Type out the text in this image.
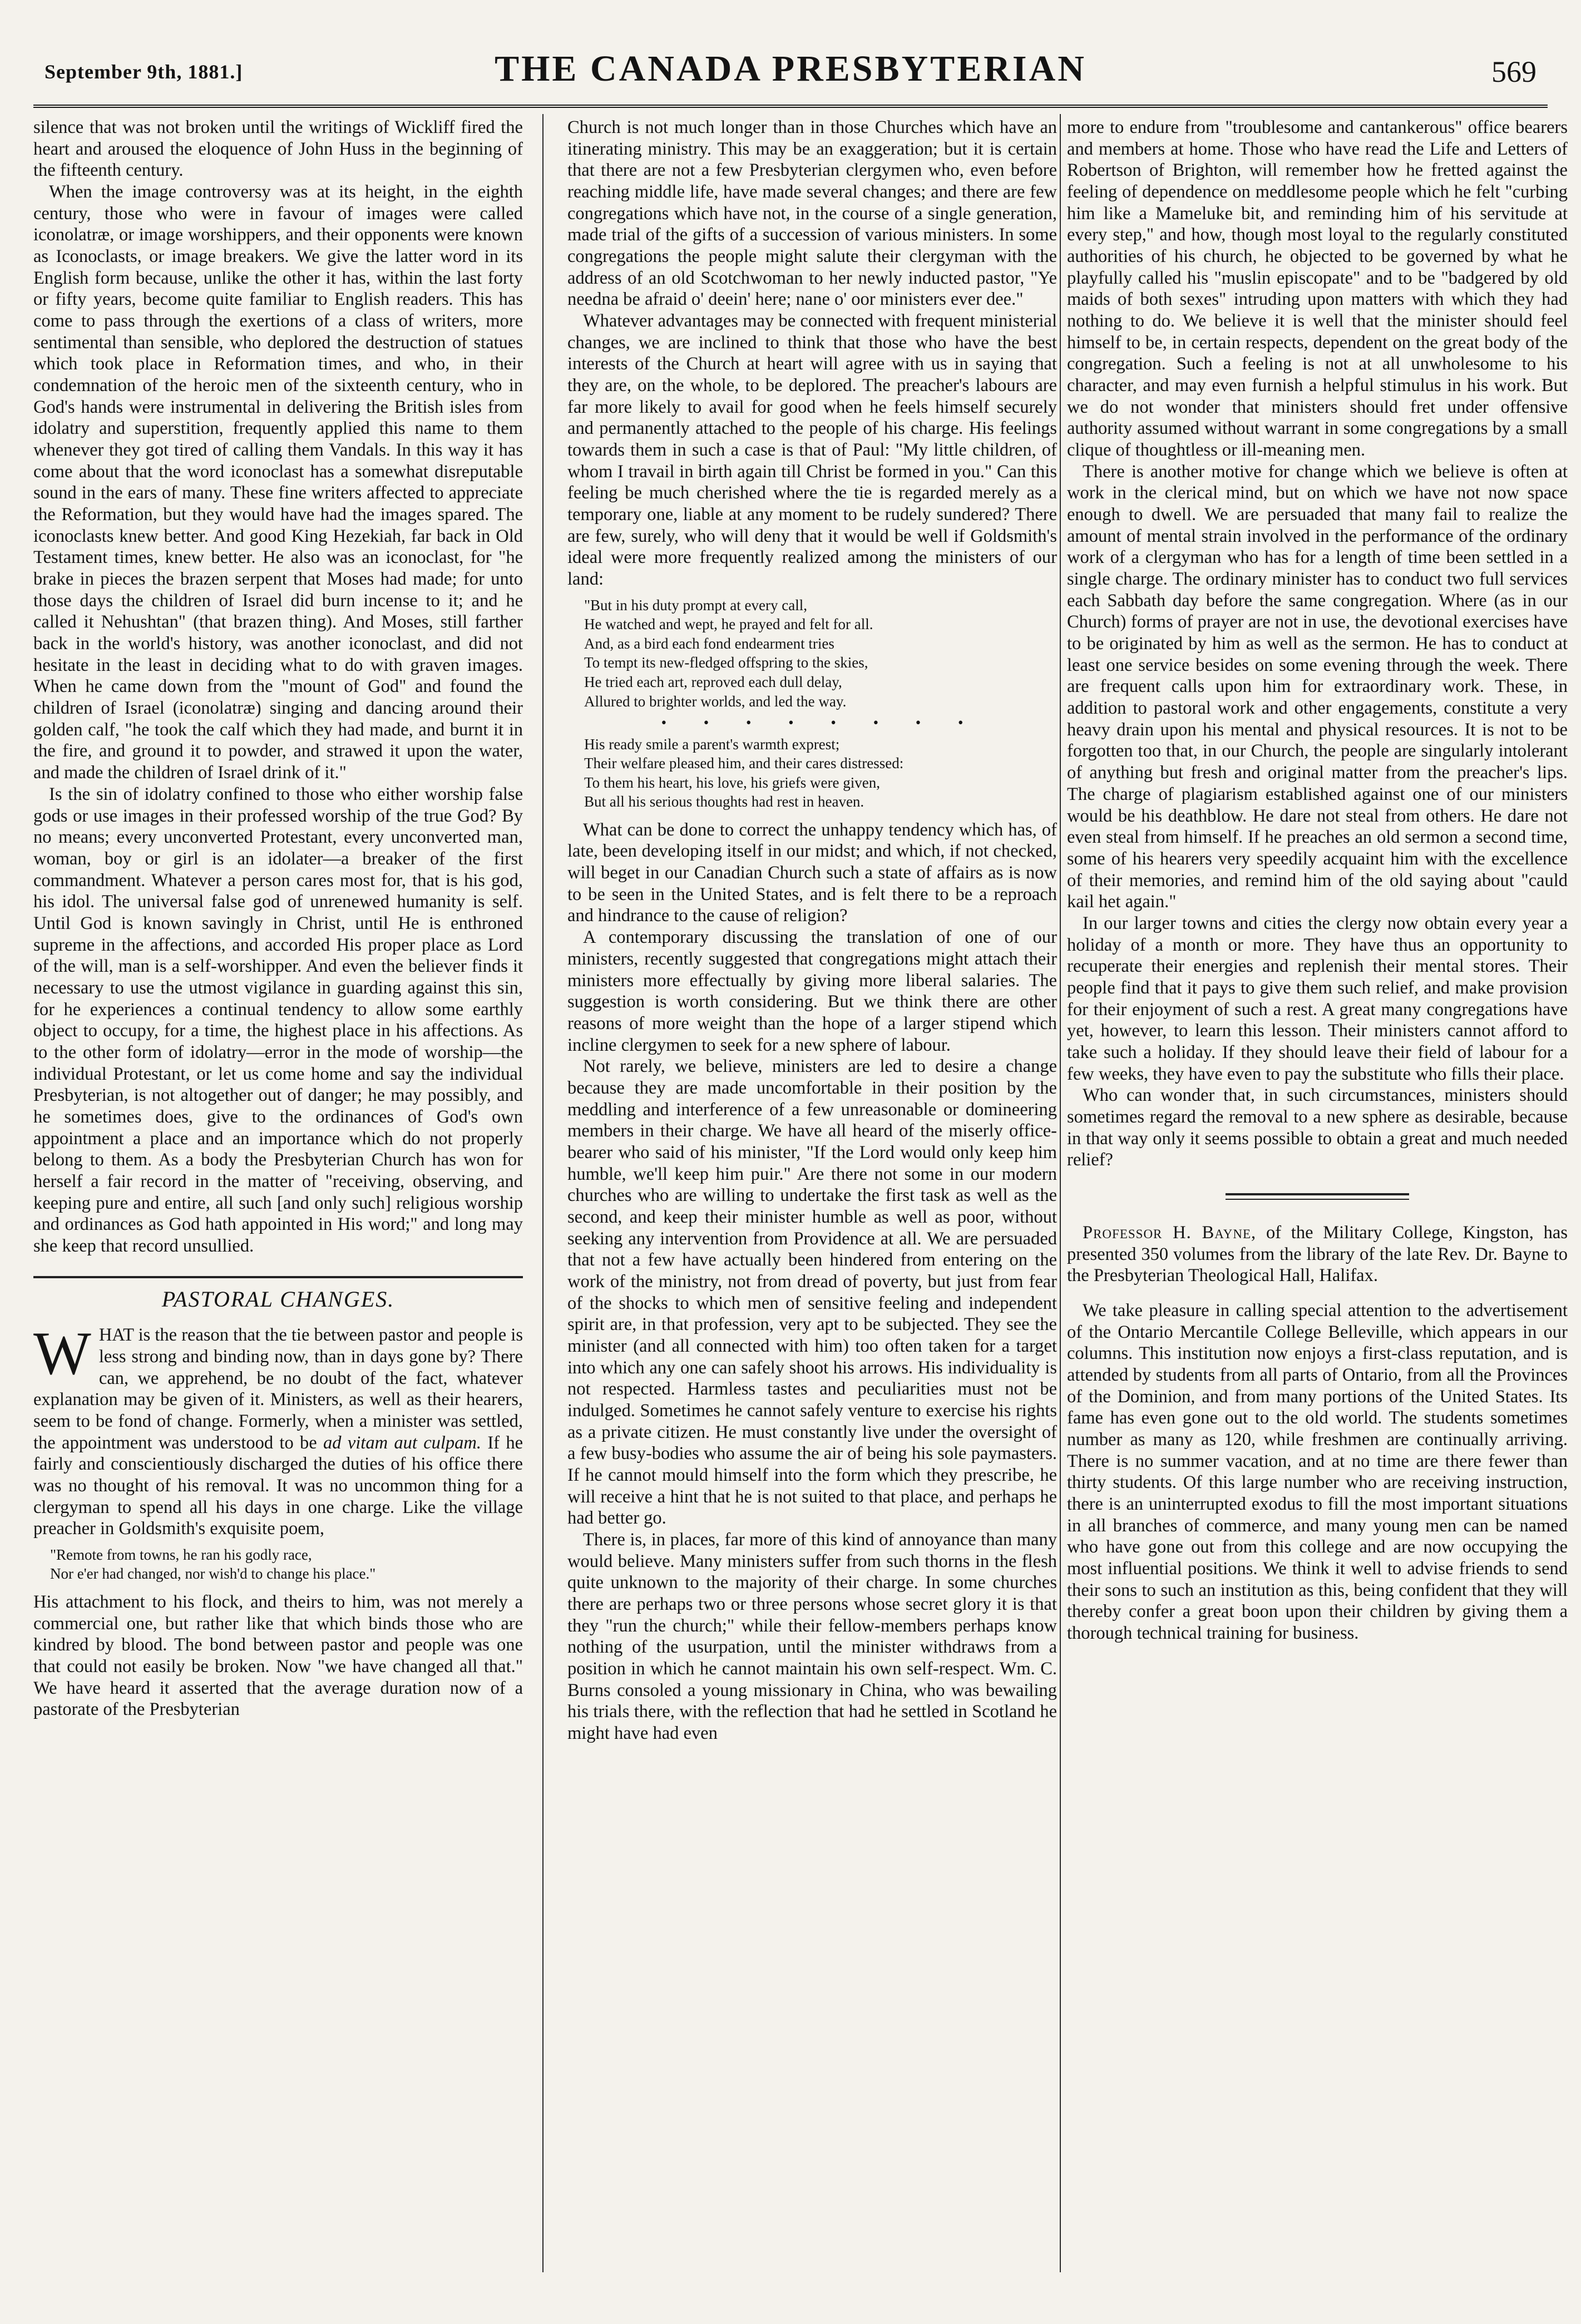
September 9th, 1881.]	THE CANADA PRESBYTERIAN	569

silence that was not broken until the writings of Wickliff fired the heart and aroused the eloquence of John Huss in the beginning of the fifteenth century.

When the image controversy was at its height, in the eighth century, those who were in favour of images were called iconolatræ, or image worshippers, and their opponents were known as Iconoclasts, or image breakers. We give the latter word in its English form because, unlike the other it has, within the last forty or fifty years, become quite familiar to English readers. This has come to pass through the exertions of a class of writers, more sentimental than sensible, who deplored the destruction of statues which took place in Reformation times, and who, in their condemnation of the heroic men of the sixteenth century, who in God's hands were instrumental in delivering the British isles from idolatry and superstition, frequently applied this name to them whenever they got tired of calling them Vandals. In this way it has come about that the word iconoclast has a somewhat disreputable sound in the ears of many. These fine writers affected to appreciate the Reformation, but they would have had the images spared. The iconoclasts knew better. And good King Hezekiah, far back in Old Testament times, knew better. He also was an iconoclast, for "he brake in pieces the brazen serpent that Moses had made; for unto those days the children of Israel did burn incense to it; and he called it Nehushtan" (that brazen thing). And Moses, still farther back in the world's history, was another iconoclast, and did not hesitate in the least in deciding what to do with graven images. When he came down from the "mount of God" and found the children of Israel (iconolatræ) singing and dancing around their golden calf, "he took the calf which they had made, and burnt it in the fire, and ground it to powder, and strawed it upon the water, and made the children of Israel drink of it."

Is the sin of idolatry confined to those who either worship false gods or use images in their professed worship of the true God? By no means; every unconverted Protestant, every unconverted man, woman, boy or girl is an idolater—a breaker of the first commandment. Whatever a person cares most for, that is his god, his idol. The universal false god of unrenewed humanity is self. Until God is known savingly in Christ, until He is enthroned supreme in the affections, and accorded His proper place as Lord of the will, man is a self-worshipper. And even the believer finds it necessary to use the utmost vigilance in guarding against this sin, for he experiences a continual tendency to allow some earthly object to occupy, for a time, the highest place in his affections. As to the other form of idolatry—error in the mode of worship—the individual Protestant, or let us come home and say the individual Presbyterian, is not altogether out of danger; he may possibly, and he sometimes does, give to the ordinances of God's own appointment a place and an importance which do not properly belong to them. As a body the Presbyterian Church has won for herself a fair record in the matter of "receiving, observing, and keeping pure and entire, all such [and only such] religious worship and ordinances as God hath appointed in His word;" and long may she keep that record unsullied.

PASTORAL CHANGES.

WHAT is the reason that the tie between pastor and people is less strong and binding now, than in days gone by? There can, we apprehend, be no doubt of the fact, whatever explanation may be given of it. Ministers, as well as their hearers, seem to be fond of change. Formerly, when a minister was settled, the appointment was understood to be ad vitam aut culpam. If he fairly and conscientiously discharged the duties of his office there was no thought of his removal. It was no uncommon thing for a clergyman to spend all his days in one charge. Like the village preacher in Goldsmith's exquisite poem,

"Remote from towns, he ran his godly race,
Nor e'er had changed, nor wish'd to change his place."

His attachment to his flock, and theirs to him, was not merely a commercial one, but rather like that which binds those who are kindred by blood. The bond between pastor and people was one that could not easily be broken. Now "we have changed all that." We have heard it asserted that the average duration now of a pastorate of the Presbyterian

Church is not much longer than in those Churches which have an itinerating ministry. This may be an exaggeration; but it is certain that there are not a few Presbyterian clergymen who, even before reaching middle life, have made several changes; and there are few congregations which have not, in the course of a single generation, made trial of the gifts of a succession of various ministers. In some congregations the people might salute their clergyman with the address of an old Scotchwoman to her newly inducted pastor, "Ye needna be afraid o' deein' here; nane o' oor ministers ever dee."

Whatever advantages may be connected with frequent ministerial changes, we are inclined to think that those who have the best interests of the Church at heart will agree with us in saying that they are, on the whole, to be deplored. The preacher's labours are far more likely to avail for good when he feels himself securely and permanently attached to the people of his charge. His feelings towards them in such a case is that of Paul: "My little children, of whom I travail in birth again till Christ be formed in you." Can this feeling be much cherished where the tie is regarded merely as a temporary one, liable at any moment to be rudely sundered? There are few, surely, who will deny that it would be well if Goldsmith's ideal were more frequently realized among the ministers of our land:

"But in his duty prompt at every call,
He watched and wept, he prayed and felt for all.
And, as a bird each fond endearment tries
To tempt its new-fledged offspring to the skies,
He tried each art, reproved each dull delay,
Allured to brighter worlds, and led the way.
• • • • • • • •
His ready smile a parent's warmth exprest;
Their welfare pleased him, and their cares distressed:
To them his heart, his love, his griefs were given,
But all his serious thoughts had rest in heaven.

What can be done to correct the unhappy tendency which has, of late, been developing itself in our midst; and which, if not checked, will beget in our Canadian Church such a state of affairs as is now to be seen in the United States, and is felt there to be a reproach and hindrance to the cause of religion?

A contemporary discussing the translation of one of our ministers, recently suggested that congregations might attach their ministers more effectually by giving more liberal salaries. The suggestion is worth considering. But we think there are other reasons of more weight than the hope of a larger stipend which incline clergymen to seek for a new sphere of labour.

Not rarely, we believe, ministers are led to desire a change because they are made uncomfortable in their position by the meddling and interference of a few unreasonable or domineering members in their charge. We have all heard of the miserly office-bearer who said of his minister, "If the Lord would only keep him humble, we'll keep him puir." Are there not some in our modern churches who are willing to undertake the first task as well as the second, and keep their minister humble as well as poor, without seeking any intervention from Providence at all. We are persuaded that not a few have actually been hindered from entering on the work of the ministry, not from dread of poverty, but just from fear of the shocks to which men of sensitive feeling and independent spirit are, in that profession, very apt to be subjected. They see the minister (and all connected with him) too often taken for a target into which any one can safely shoot his arrows. His individuality is not respected. Harmless tastes and peculiarities must not be indulged. Sometimes he cannot safely venture to exercise his rights as a private citizen. He must constantly live under the oversight of a few busy-bodies who assume the air of being his sole paymasters. If he cannot mould himself into the form which they prescribe, he will receive a hint that he is not suited to that place, and perhaps he had better go.

There is, in places, far more of this kind of annoyance than many would believe. Many ministers suffer from such thorns in the flesh quite unknown to the majority of their charge. In some churches there are perhaps two or three persons whose secret glory it is that they "run the church;" while their fellow-members perhaps know nothing of the usurpation, until the minister withdraws from a position in which he cannot maintain his own self-respect. Wm. C. Burns consoled a young missionary in China, who was bewailing his trials there, with the reflection that had he settled in Scotland he might have had even

more to endure from "troublesome and cantankerous" office bearers and members at home. Those who have read the Life and Letters of Robertson of Brighton, will remember how he fretted against the feeling of dependence on meddlesome people which he felt "curbing him like a Mameluke bit, and reminding him of his servitude at every step," and how, though most loyal to the regularly constituted authorities of his church, he objected to be governed by what he playfully called his "muslin episcopate" and to be "badgered by old maids of both sexes" intruding upon matters with which they had nothing to do. We believe it is well that the minister should feel himself to be, in certain respects, dependent on the great body of the congregation. Such a feeling is not at all unwholesome to his character, and may even furnish a helpful stimulus in his work. But we do not wonder that ministers should fret under offensive authority assumed without warrant in some congregations by a small clique of thoughtless or ill-meaning men.

There is another motive for change which we believe is often at work in the clerical mind, but on which we have not now space enough to dwell. We are persuaded that many fail to realize the amount of mental strain involved in the performance of the ordinary work of a clergyman who has for a length of time been settled in a single charge. The ordinary minister has to conduct two full services each Sabbath day before the same congregation. Where (as in our Church) forms of prayer are not in use, the devotional exercises have to be originated by him as well as the sermon. He has to conduct at least one service besides on some evening through the week. There are frequent calls upon him for extraordinary work. These, in addition to pastoral work and other engagements, constitute a very heavy drain upon his mental and physical resources. It is not to be forgotten too that, in our Church, the people are singularly intolerant of anything but fresh and original matter from the preacher's lips. The charge of plagiarism established against one of our ministers would be his deathblow. He dare not steal from others. He dare not even steal from himself. If he preaches an old sermon a second time, some of his hearers very speedily acquaint him with the excellence of their memories, and remind him of the old saying about "cauld kail het again."

In our larger towns and cities the clergy now obtain every year a holiday of a month or more. They have thus an opportunity to recuperate their energies and replenish their mental stores. Their people find that it pays to give them such relief, and make provision for their enjoyment of such a rest. A great many congregations have yet, however, to learn this lesson. Their ministers cannot afford to take such a holiday. If they should leave their field of labour for a few weeks, they have even to pay the substitute who fills their place.

Who can wonder that, in such circumstances, ministers should sometimes regard the removal to a new sphere as desirable, because in that way only it seems possible to obtain a great and much needed relief?

Professor H. Bayne, of the Military College, Kingston, has presented 350 volumes from the library of the late Rev. Dr. Bayne to the Presbyterian Theological Hall, Halifax.

We take pleasure in calling special attention to the advertisement of the Ontario Mercantile College Belleville, which appears in our columns. This institution now enjoys a first-class reputation, and is attended by students from all parts of Ontario, from all the Provinces of the Dominion, and from many portions of the United States. Its fame has even gone out to the old world. The students sometimes number as many as 120, while freshmen are continually arriving. There is no summer vacation, and at no time are there fewer than thirty students. Of this large number who are receiving instruction, there is an uninterrupted exodus to fill the most important situations in all branches of commerce, and many young men can be named who have gone out from this college and are now occupying the most influential positions. We think it well to advise friends to send their sons to such an institution as this, being confident that they will thereby confer a great boon upon their children by giving them a thorough technical training for business.
